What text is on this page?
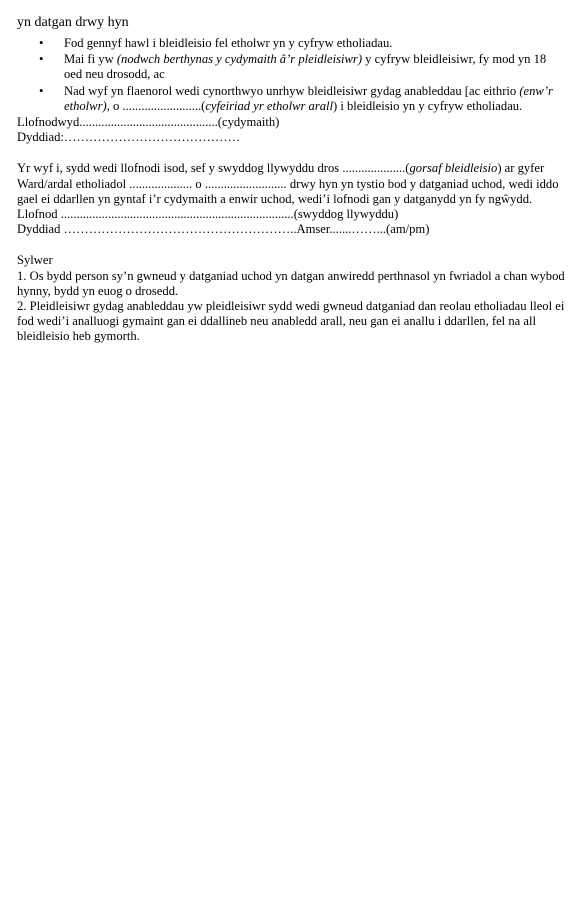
yn datgan drwy hyn
• Fod gennyf hawl i bleidleisio fel etholwr yn y cyfryw etholiadau.
• Mai fi yw (nodwch berthynas y cydymaith â’r pleidleisiwr) y cyfryw bleidleisiwr, fy mod yn 18 oed neu drosodd, ac
• Nad wyf yn flaenorol wedi cynorthwyo unrhyw bleidleisiwr gydag anableddau [ac eithrio (enw’r etholwr), o .........................(cyfeiriad yr etholwr arall) i bleidleisio yn y cyfryw etholiadau.

Llofnodwyd............................................(cydymaith)

Dyddiad:……………………………………

Yr wyf i, sydd wedi llofnodi isod, sef y swyddog llywyddu dros ....................(gorsaf bleidleisio) ar gyfer

Ward/ardal etholiadol .................... o .......................... drwy hyn yn tystio bod y datganiad uchod, wedi iddo gael ei ddarllen yn gyntaf i’r cydymaith a enwir uchod, wedi’i lofnodi gan y datganydd yn fy ngŵydd.

Llofnod ..........................................................................(swyddog llywyddu)

Dyddiad ………………………………………………..Amser.......……...(am/pm)

Sylwer

1. Os bydd person sy’n gwneud y datganiad uchod yn datgan anwiredd perthnasol yn fwriadol a chan wybod hynny, bydd yn euog o drosedd.

2. Pleidleisiwr gydag anableddau yw pleidleisiwr sydd wedi gwneud datganiad dan reolau etholiadau lleol ei fod wedi’i analluogi gymaint gan ei ddallineb neu anabledd arall, neu gan ei anallu i ddarllen, fel na all bleidleisio heb gymorth.
